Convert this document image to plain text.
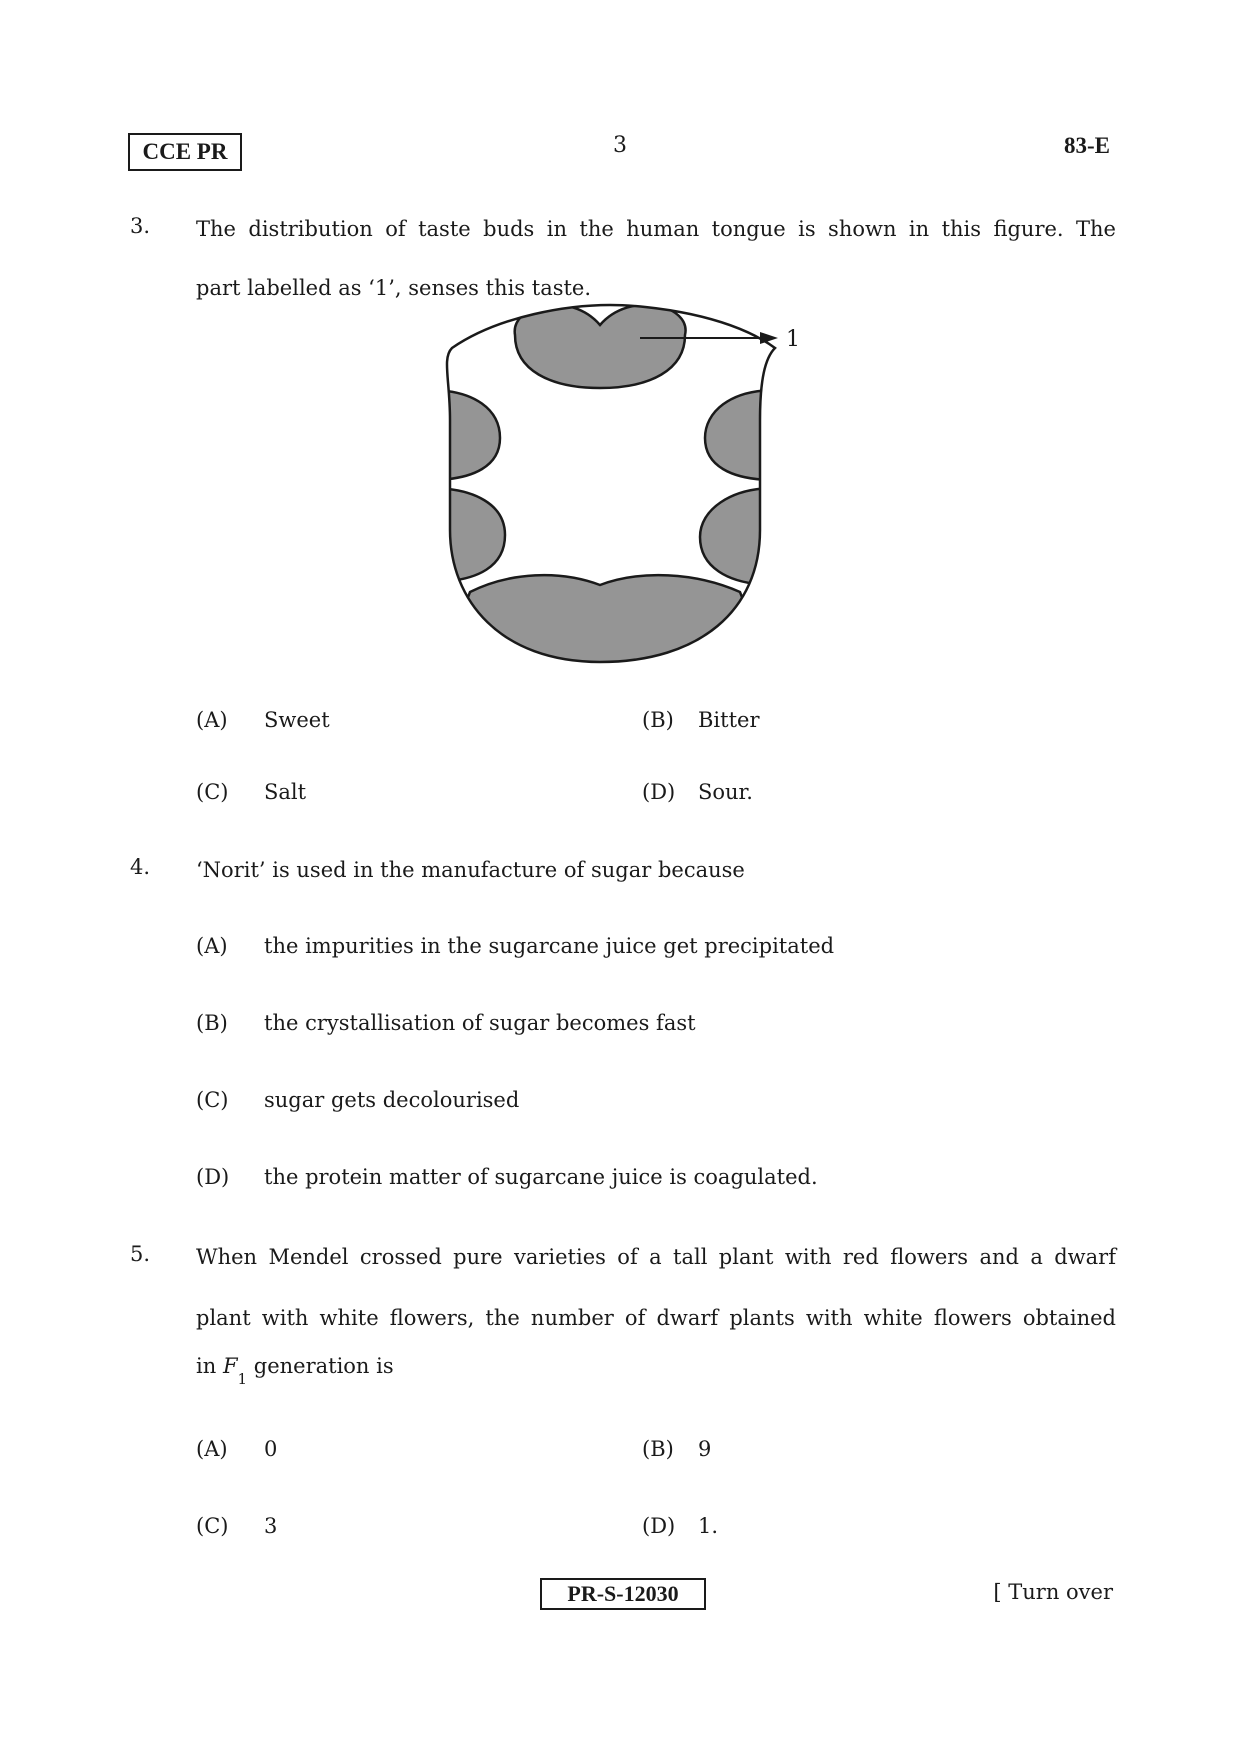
CCE PR	3	83-E
3. The distribution of taste buds in the human tongue is shown in this figure. The
part labelled as ‘1’, senses this taste.
1
(A) Sweet	(B) Bitter
(C) Salt	(D) Sour.
4. ‘Norit’ is used in the manufacture of sugar because
(A) the impurities in the sugarcane juice get precipitated
(B) the crystallisation of sugar becomes fast
(C) sugar gets decolourised
(D) the protein matter of sugarcane juice is coagulated.
5. When Mendel crossed pure varieties of a tall plant with red flowers and a dwarf
plant with white flowers, the number of dwarf plants with white flowers obtained
in $F_1$ generation is
(A) 0	(B) 9
(C) 3	(D) 1.
PR-S-12030	[ Turn over
